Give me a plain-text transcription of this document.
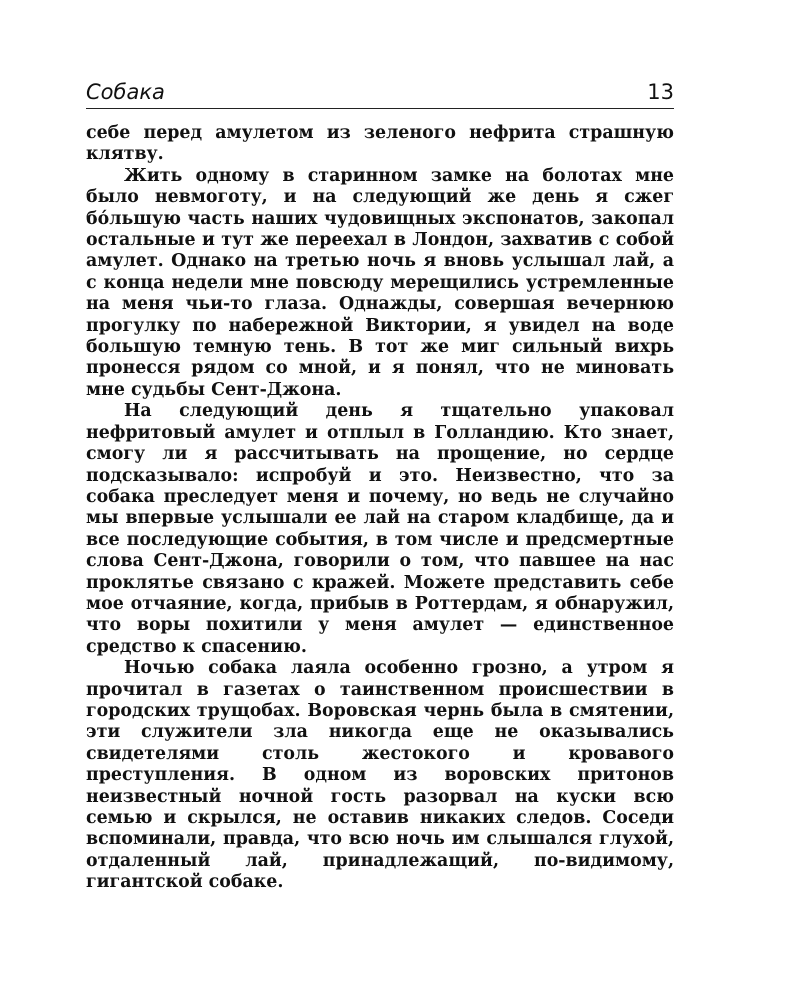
Собака	13

себе перед амулетом из зеленого нефрита страшную клятву.

Жить одному в старинном замке на болотах мне было невмоготу, и на следующий же день я сжег бо́льшую часть наших чудовищных экспонатов, закопал остальные и тут же переехал в Лондон, захватив с собой амулет. Однако на третью ночь я вновь услышал лай, а с конца недели мне повсюду мерещились устремленные на меня чьи-то глаза. Однажды, совершая вечернюю прогулку по набережной Виктории, я увидел на воде большую темную тень. В тот же миг сильный вихрь пронесся рядом со мной, и я понял, что не миновать мне судьбы Сент-Джона.

На следующий день я тщательно упаковал нефритовый амулет и отплыл в Голландию. Кто знает, смогу ли я рассчитывать на прощение, но сердце подсказывало: испробуй и это. Неизвестно, что за собака преследует меня и почему, но ведь не случайно мы впервые услышали ее лай на старом кладбище, да и все последующие события, в том числе и предсмертные слова Сент-Джона, говорили о том, что павшее на нас проклятье связано с кражей. Можете представить себе мое отчаяние, когда, прибыв в Роттердам, я обнаружил, что воры похитили у меня амулет — единственное средство к спасению.

Ночью собака лаяла особенно грозно, а утром я прочитал в газетах о таинственном происшествии в городских трущобах. Воровская чернь была в смятении, эти служители зла никогда еще не оказывались свидетелями столь жестокого и кровавого преступления. В одном из воровских притонов неизвестный ночной гость разорвал на куски всю семью и скрылся, не оставив никаких следов. Соседи вспоминали, правда, что всю ночь им слышался глухой, отдаленный лай, принадлежащий, по-видимому, гигантской собаке.
